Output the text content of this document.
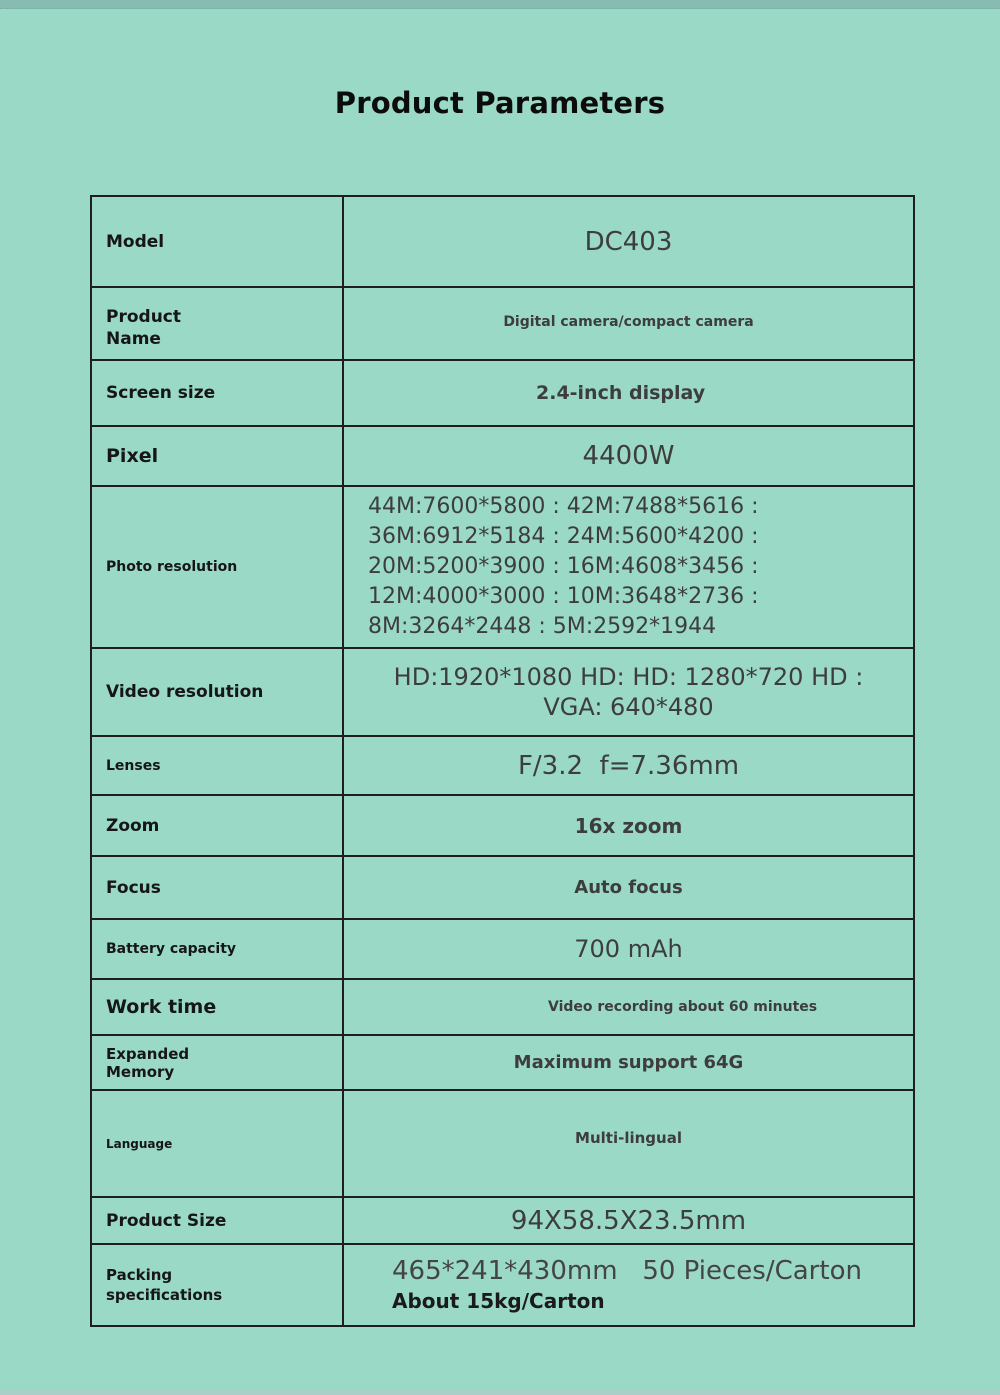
Product Parameters
Model	DC403
Product
Name	Digital camera/compact camera
Screen size	2.4-inch display
Pixel	4400W
Photo resolution	44M:7600*5800 : 42M:7488*5616 : 36M:6912*5184 : 24M:5600*4200 : 20M:5200*3900 : 16M:4608*3456 : 12M:4000*3000 : 10M:3648*2736 : 8M:3264*2448 : 5M:2592*1944
Video resolution	HD:1920*1080 HD: HD: 1280*720 HD : VGA: 640*480
Lenses	F/3.2  f=7.36mm
Zoom	16x zoom
Focus	Auto focus
Battery capacity	700 mAh
Work time	Video recording about 60 minutes
Expanded
Memory	Maximum support 64G
Language	Multi-lingual
Product Size	94X58.5X23.5mm
Packing
specifications	465*241*430mm   50 Pieces/Carton
About 15kg/Carton
